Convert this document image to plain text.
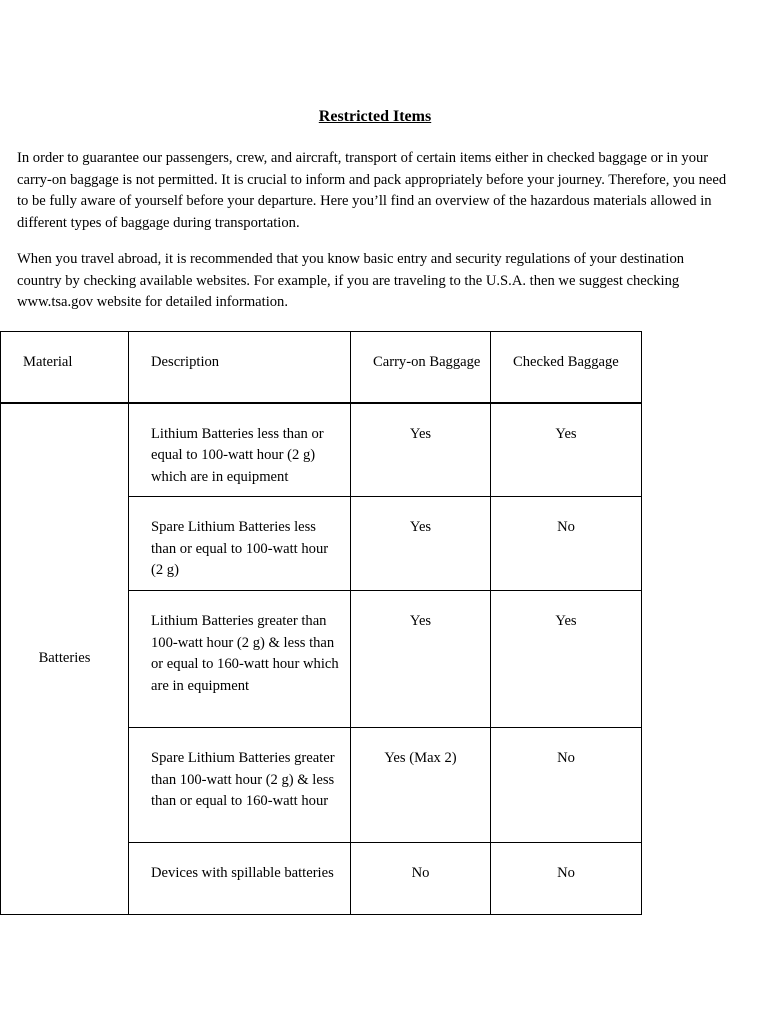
Restricted Items

In order to guarantee our passengers, crew, and aircraft, transport of certain items either in checked baggage or in your carry-on baggage is not permitted. It is crucial to inform and pack appropriately before your journey. Therefore, you need to be fully aware of yourself before your departure. Here you’ll find an overview of the hazardous materials allowed in different types of baggage during transportation.

When you travel abroad, it is recommended that you know basic entry and security regulations of your destination country by checking available websites. For example, if you are traveling to the U.S.A. then we suggest checking www.tsa.gov website for detailed information.

Material	Description	Carry-on Baggage	Checked Baggage
Batteries	Lithium Batteries less than or equal to 100-watt hour (2 g) which are in equipment	Yes	Yes
	Spare Lithium Batteries less than or equal to 100-watt hour (2 g)	Yes	No
	Lithium Batteries greater than 100-watt hour (2 g) & less than or equal to 160-watt hour which are in equipment	Yes	Yes
	Spare Lithium Batteries greater than 100-watt hour (2 g) & less than or equal to 160-watt hour	Yes (Max 2)	No
	Devices with spillable batteries	No	No
